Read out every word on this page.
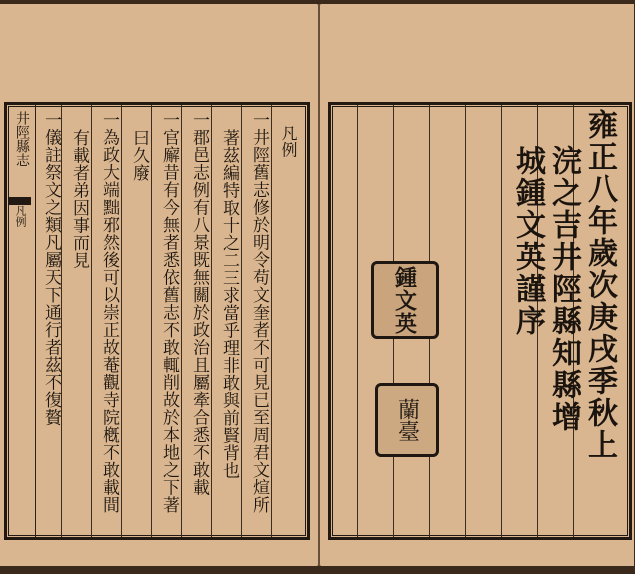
井陘縣志
凡例
凡例
一井陘舊志修於明令苟文奎者不可見已至周君文煊所
著茲編特取十之二三求當乎理非敢與前賢背也
一郡邑志例有八景既無關於政治且屬牽合悉不敢載
一官廨昔有今無者悉依舊志不敢輒削故於本地之下著
曰久廢
一為政大端黜邪然後可以崇正故菴觀寺院槪不敢載間
有載者弟因事而見
一儀註祭文之類凡屬天下通行者茲不復贅	雍正八年歲次庚戌季秋上
浣之吉井陘縣知縣增
城鍾文英謹序
鍾文英
蘭臺
